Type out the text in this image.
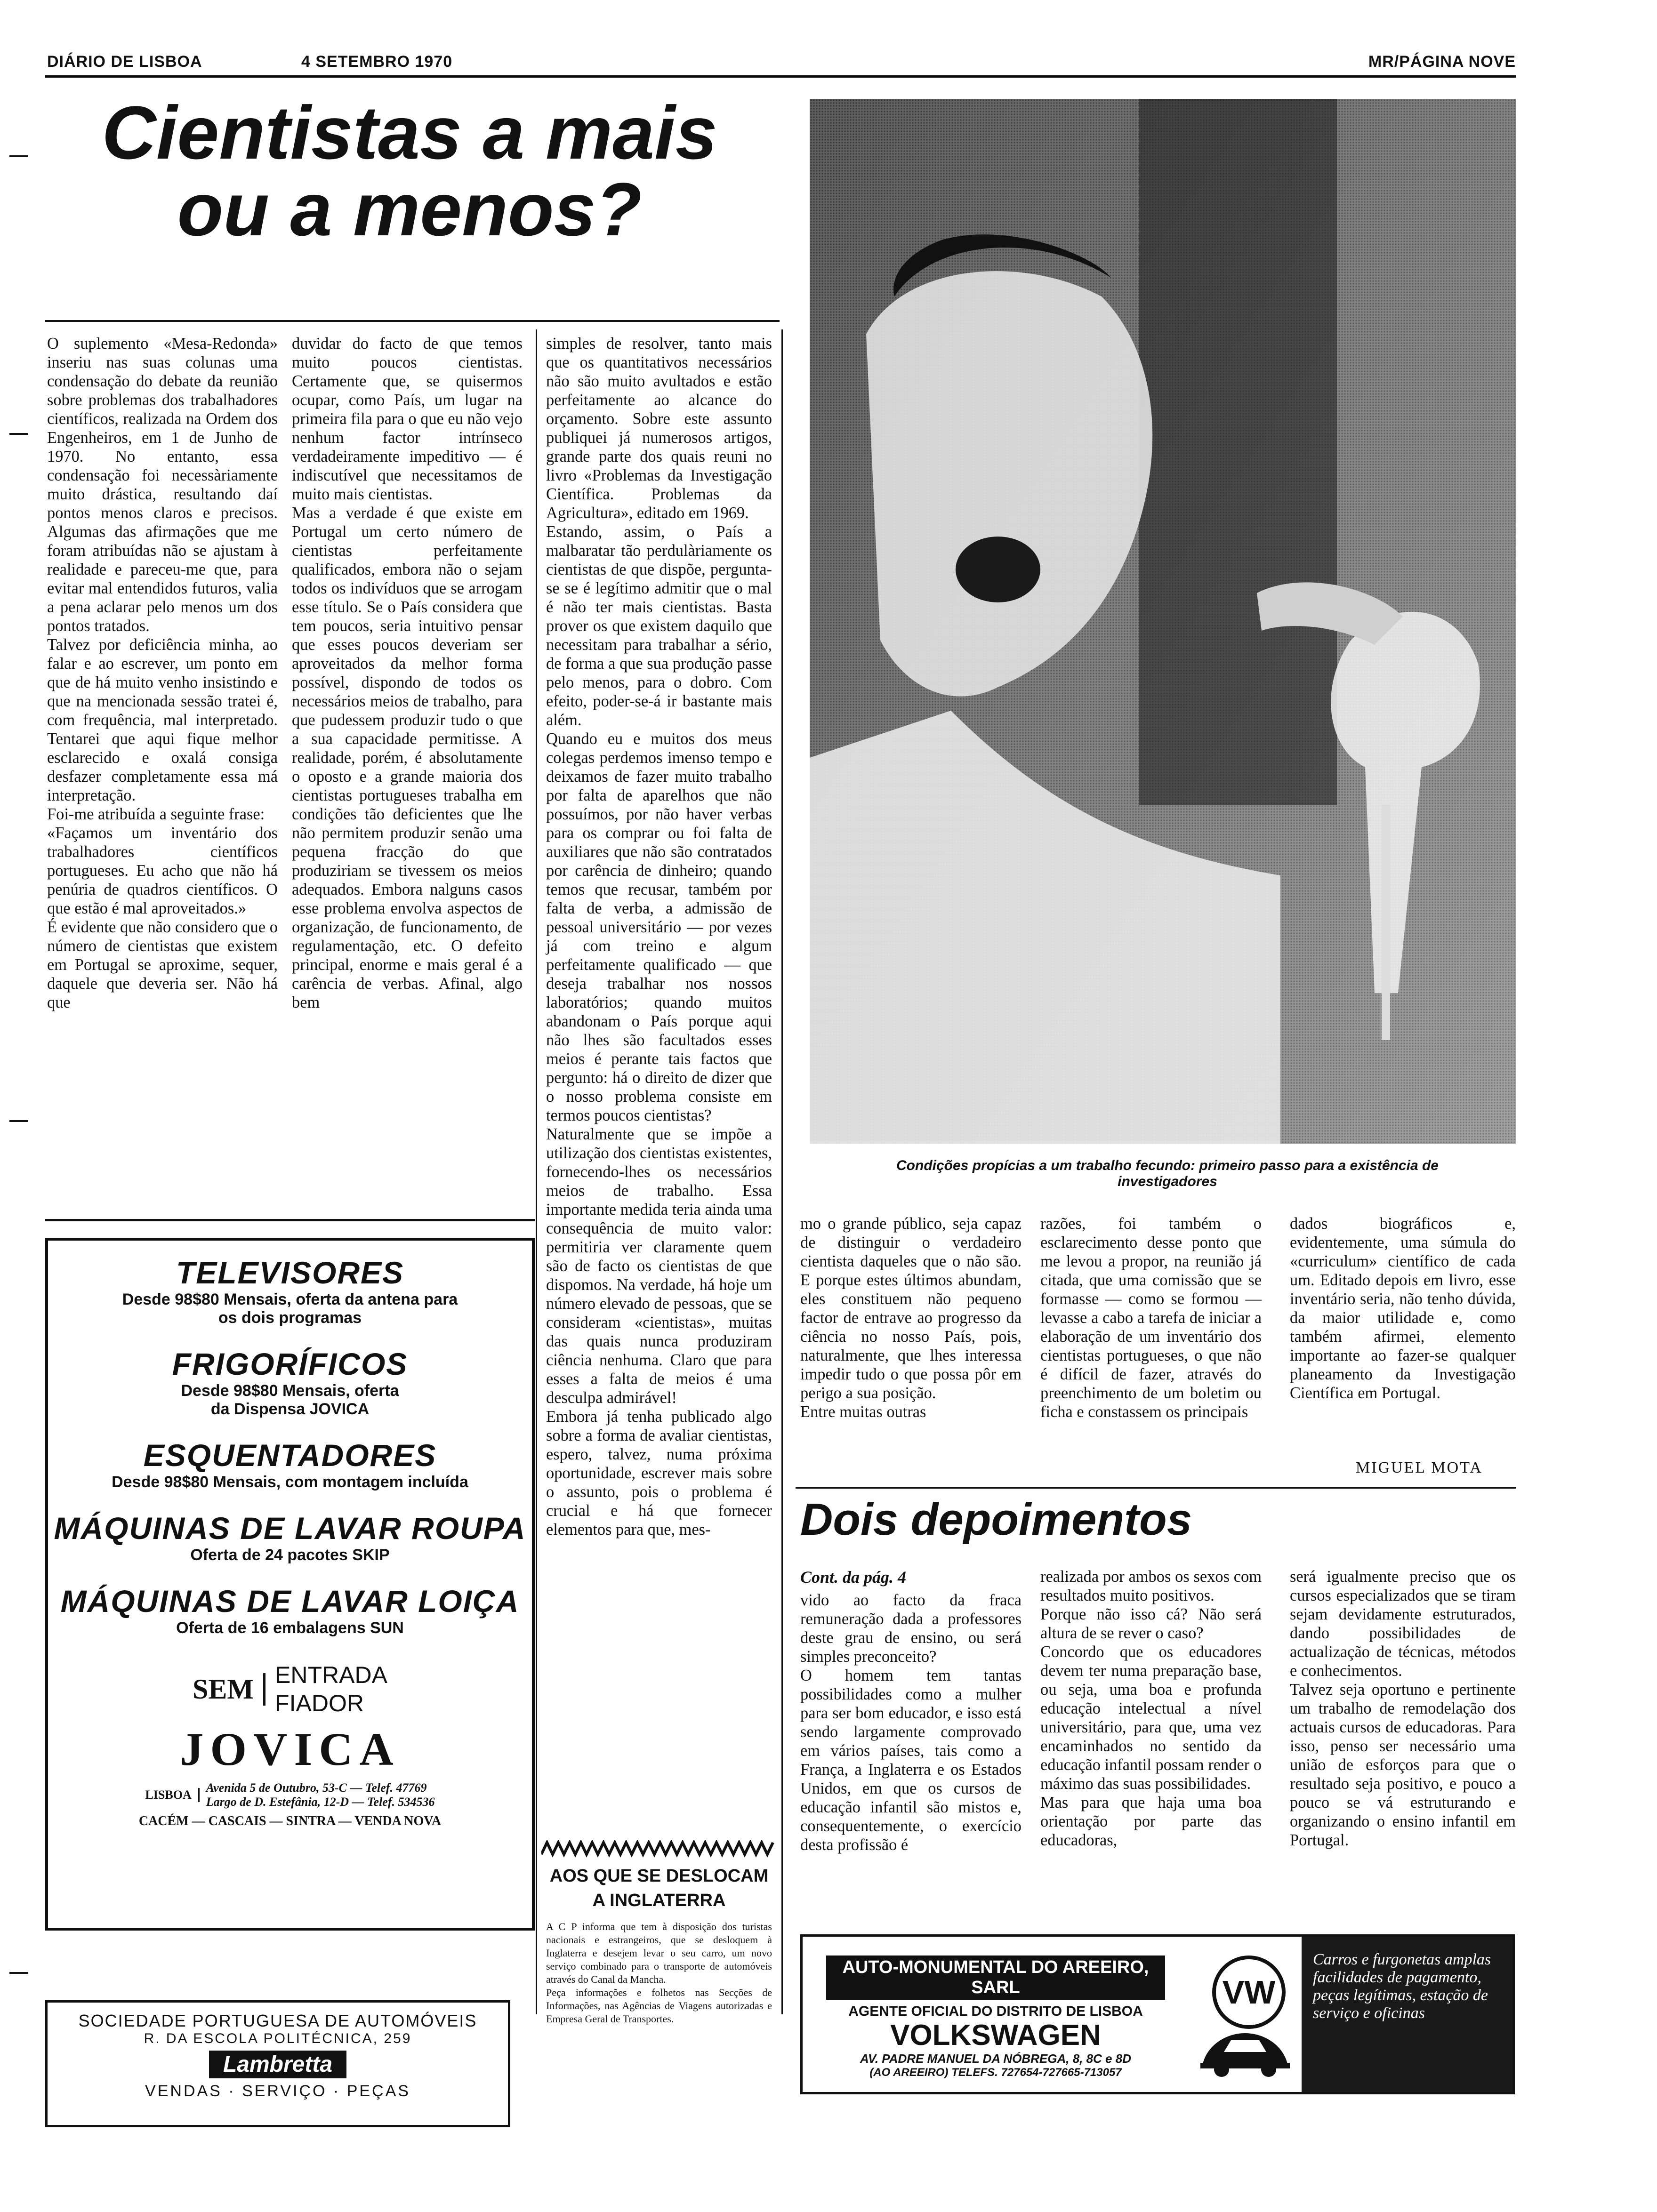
DIÁRIO DE LISBOA	4 SETEMBRO 1970	MR/PÁGINA NOVE
Cientistas a mais
ou a menos?
Condições propícias a um trabalho fecundo: primeiro passo para a existência de investigadores
O suplemento «Mesa-Redonda» inseriu nas suas colunas uma condensação do debate da reunião sobre problemas dos trabalhadores científicos, realizada na Ordem dos Engenheiros, em 1 de Junho de 1970. No entanto, essa condensação foi necessàriamente muito drástica, resultando daí pontos menos claros e precisos. Algumas das afirmações que me foram atribuídas não se ajustam à realidade e pareceu-me que, para evitar mal entendidos futuros, valia a pena aclarar pelo menos um dos pontos tratados.
Talvez por deficiência minha, ao falar e ao escrever, um ponto em que de há muito venho insistindo e que na mencionada sessão tratei é, com frequência, mal interpretado. Tentarei que aqui fique melhor esclarecido e oxalá consiga desfazer completamente essa má interpretação.
Foi-me atribuída a seguinte frase:
«Façamos um inventário dos trabalhadores científicos portugueses. Eu acho que não há penúria de quadros científicos. O que estão é mal aproveitados.»
É evidente que não considero que o número de cientistas que existem em Portugal se aproxime, sequer, daquele que deveria ser. Não há que
duvidar do facto de que temos muito poucos cientistas. Certamente que, se quisermos ocupar, como País, um lugar na primeira fila para o que eu não vejo nenhum factor intrínseco verdadeiramente impeditivo — é indiscutível que necessitamos de muito mais cientistas.
Mas a verdade é que existe em Portugal um certo número de cientistas perfeitamente qualificados, embora não o sejam todos os indivíduos que se arrogam esse título. Se o País considera que tem poucos, seria intuitivo pensar que esses poucos deveriam ser aproveitados da melhor forma possível, dispondo de todos os necessários meios de trabalho, para que pudessem produzir tudo o que a sua capacidade permitisse. A realidade, porém, é absolutamente o oposto e a grande maioria dos cientistas portugueses trabalha em condições tão deficientes que lhe não permitem produzir senão uma pequena fracção do que produziriam se tivessem os meios adequados. Embora nalguns casos esse problema envolva aspectos de organização, de funcionamento, de regulamentação, etc. O defeito principal, enorme e mais geral é a carência de verbas. Afinal, algo bem
simples de resolver, tanto mais que os quantitativos necessários não são muito avultados e estão perfeitamente ao alcance do orçamento. Sobre este assunto publiquei já numerosos artigos, grande parte dos quais reuni no livro «Problemas da Investigação Científica. Problemas da Agricultura», editado em 1969.
Estando, assim, o País a malbaratar tão perdulàriamente os cientistas de que dispõe, pergunta-se se é legítimo admitir que o mal é não ter mais cientistas. Basta prover os que existem daquilo que necessitam para trabalhar a sério, de forma a que sua produção passe pelo menos, para o dobro. Com efeito, poder-se-á ir bastante mais além.
Quando eu e muitos dos meus colegas perdemos imenso tempo e deixamos de fazer muito trabalho por falta de aparelhos que não possuímos, por não haver verbas para os comprar ou foi falta de auxiliares que não são contratados por carência de dinheiro; quando temos que recusar, também por falta de verba, a admissão de pessoal universitário — por vezes já com treino e algum perfeitamente qualificado — que deseja trabalhar nos nossos laboratórios; quando muitos abandonam o País porque aqui não lhes são facultados esses meios é perante tais factos que pergunto: há o direito de dizer que o nosso problema consiste em termos poucos cientistas?
Naturalmente que se impõe a utilização dos cientistas existentes, fornecendo-lhes os necessários meios de trabalho. Essa importante medida teria ainda uma consequência de muito valor: permitiria ver claramente quem são de facto os cientistas de que dispomos. Na verdade, há hoje um número elevado de pessoas, que se consideram «cientistas», muitas das quais nunca produziram ciência nenhuma. Claro que para esses a falta de meios é uma desculpa admirável!
Embora já tenha publicado algo sobre a forma de avaliar cientistas, espero, talvez, numa próxima oportunidade, escrever mais sobre o assunto, pois o problema é crucial e há que fornecer elementos para que, mes-
mo o grande público, seja capaz de distinguir o verdadeiro cientista daqueles que o não são. E porque estes últimos abundam, eles constituem não pequeno factor de entrave ao progresso da ciência no nosso País, pois, naturalmente, que lhes interessa impedir tudo o que possa pôr em perigo a sua posição.
Entre muitas outras
razões, foi também o esclarecimento desse ponto que me levou a propor, na reunião já citada, que uma comissão que se formasse — como se formou — levasse a cabo a tarefa de iniciar a elaboração de um inventário dos cientistas portugueses, o que não é difícil de fazer, através do preenchimento de um boletim ou ficha e constassem os principais
dados biográficos e, evidentemente, uma súmula do «curriculum» científico de cada um. Editado depois em livro, esse inventário seria, não tenho dúvida, da maior utilidade e, como também afirmei, elemento importante ao fazer-se qualquer planeamento da Investigação Científica em Portugal.
MIGUEL MOTA
Dois depoimentos
Cont. da pág. 4
vido ao facto da fraca remuneração dada a professores deste grau de ensino, ou será simples preconceito?
O homem tem tantas possibilidades como a mulher para ser bom educador, e isso está sendo largamente comprovado em vários países, tais como a França, a Inglaterra e os Estados Unidos, em que os cursos de educação infantil são mistos e, consequentemente, o exercício desta profissão é
realizada por ambos os sexos com resultados muito positivos.
Porque não isso cá? Não será altura de se rever o caso?
Concordo que os educadores devem ter numa preparação base, ou seja, uma boa e profunda educação intelectual a nível universitário, para que, uma vez encaminhados no sentido da educação infantil possam render o máximo das suas possibilidades.
Mas para que haja uma boa orientação por parte das educadoras,
será igualmente preciso que os cursos especializados que se tiram sejam devidamente estruturados, dando possibilidades de actualização de técnicas, métodos e conhecimentos.
Talvez seja oportuno e pertinente um trabalho de remodelação dos actuais cursos de educadoras. Para isso, penso ser necessário uma união de esforços para que o resultado seja positivo, e pouco a pouco se vá estruturando e organizando o ensino infantil em Portugal.
AOS QUE SE DESLOCAM
A INGLATERRA
A C P informa que tem à disposição dos turistas nacionais e estrangeiros, que se desloquem à Inglaterra e desejem levar o seu carro, um novo serviço combinado para o transporte de automóveis através do Canal da Mancha.
Peça informações e folhetos nas Secções de Informações, nas Agências de Viagens autorizadas e Empresa Geral de Transportes.

TELEVISORES

Desde 98$80 Mensais, oferta da antena para

os dois programas

FRIGORÍFICOS

Desde 98$80 Mensais, oferta

da Dispensa JOVICA

ESQUENTADORES

Desde 98$80 Mensais, com montagem incluída

MÁQUINAS DE LAVAR ROUPA

Oferta de 24 pacotes SKIP

MÁQUINAS DE LAVAR LOIÇA

Oferta de 16 embalagens SUN

SEM ENTRADA
FIADOR

JOVICA

LISBOA
Avenida 5 de Outubro, 53-C — Telef. 47769
Largo de D. Estefânia, 12-D — Telef. 534536

CACÉM — CASCAIS — SINTRA — VENDA NOVA

SOCIEDADE PORTUGUESA DE AUTOMÓVEIS
R. DA ESCOLA POLITÉCNICA, 259
Lambretta
VENDAS · SERVIÇO · PEÇAS
AUTO-MONUMENTAL DO AREEIRO, SARL
AGENTE OFICIAL DO DISTRITO DE LISBOA
VOLKSWAGEN
AV. PADRE MANUEL DA NÓBREGA, 8, 8C e 8D
(AO AREEIRO) TELEFS. 727654-727665-713057
VW
Carros e furgonetas amplas facilidades de pagamento, peças legítimas, estação de serviço e oficinas
